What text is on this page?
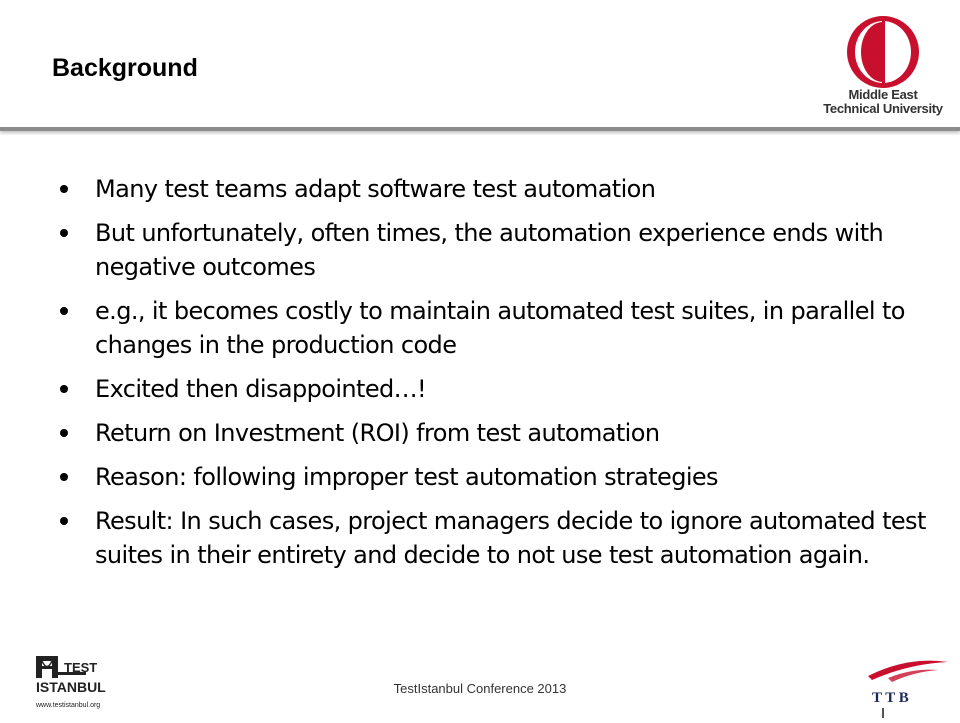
Background
Middle East
Technical University
Many test teams adapt software test automation
But unfortunately, often times, the automation experience ends with negative outcomes
e.g., it becomes costly to maintain automated test suites, in parallel to changes in the production code
Excited then disappointed…!
Return on Investment (ROI) from test automation
Reason: following improper test automation strategies
Result: In such cases, project managers decide to ignore automated test suites in their entirety and decide to not use test automation again.
TEST
ISTANBUL
www.testistanbul.org
TestIstanbul Conference 2013
T T B
